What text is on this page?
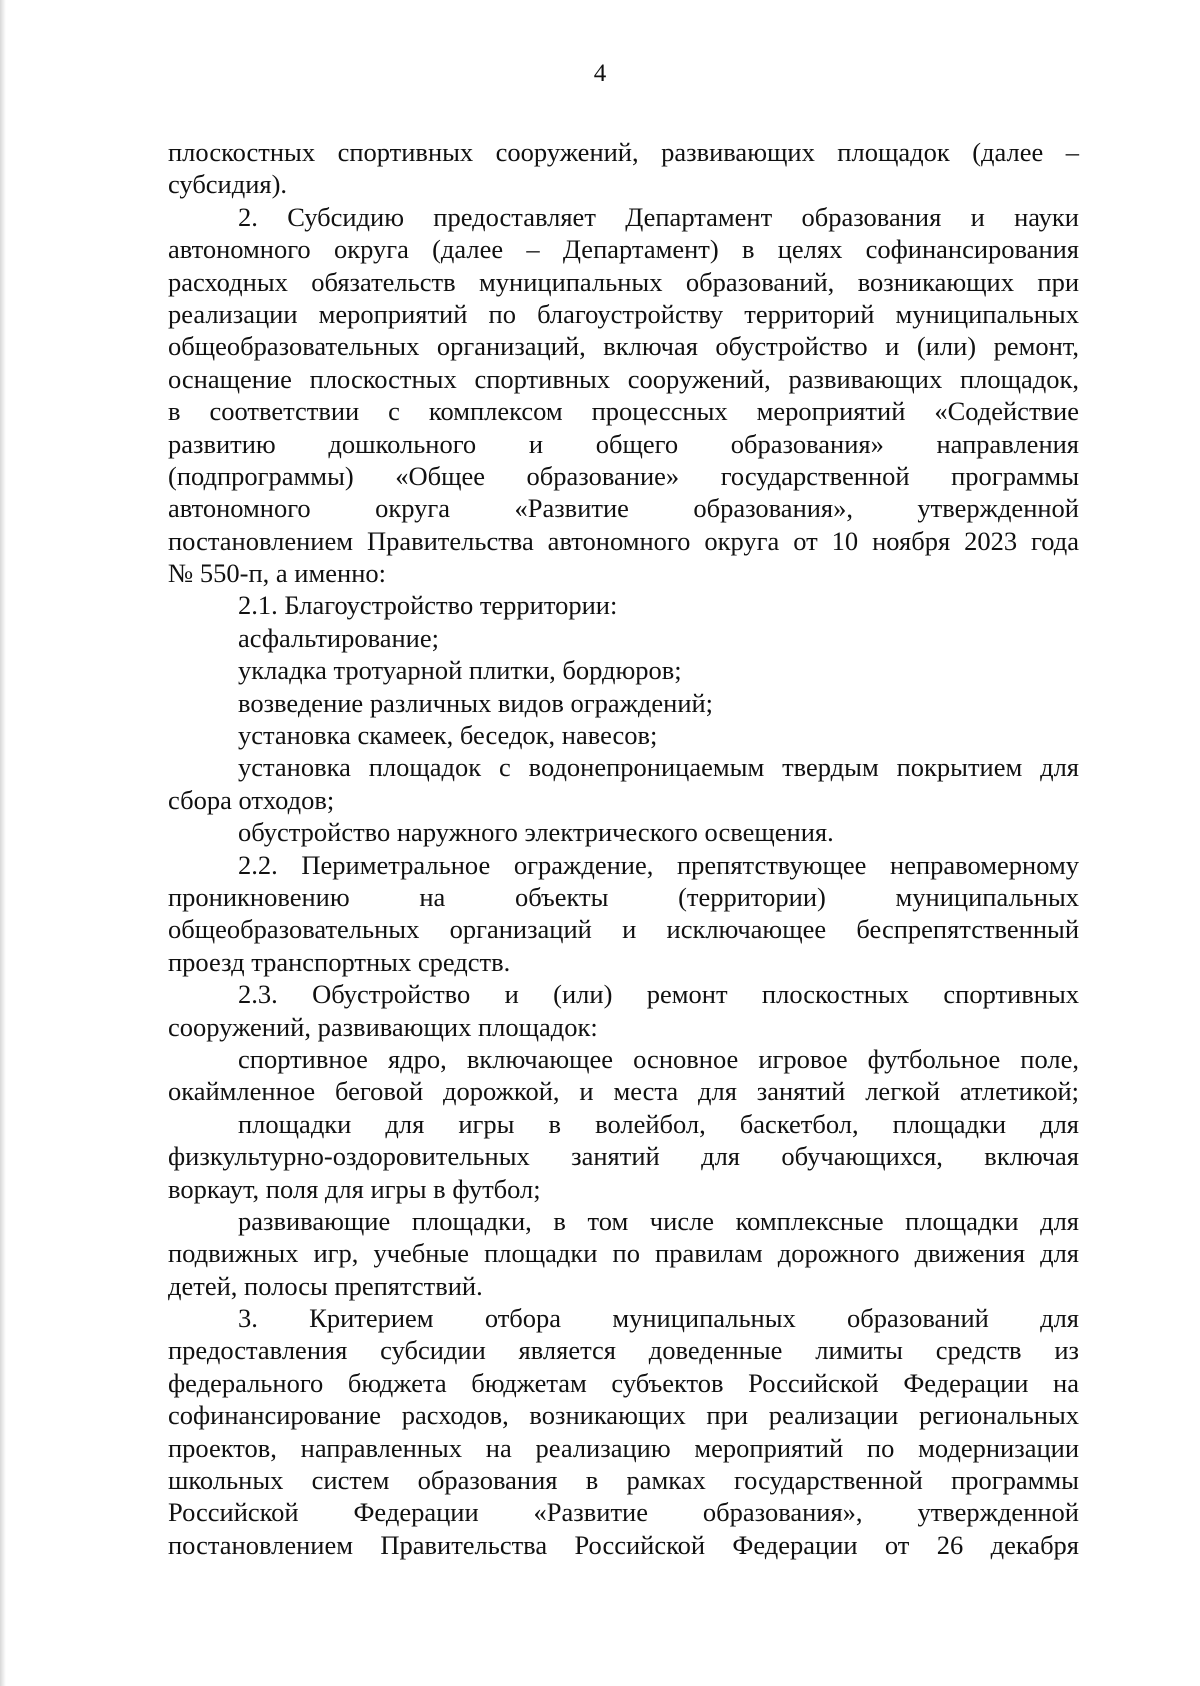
4
плоскостных спортивных сооружений, развивающих площадок (далее –
субсидия).
2. Субсидию предоставляет Департамент образования и науки
автономного округа (далее – Департамент) в целях софинансирования
расходных обязательств муниципальных образований, возникающих при
реализации мероприятий по благоустройству территорий муниципальных
общеобразовательных организаций, включая обустройство и (или) ремонт,
оснащение плоскостных спортивных сооружений, развивающих площадок,
в соответствии с комплексом процессных мероприятий «Содействие
развитию дошкольного и общего образования» направления
(подпрограммы) «Общее образование» государственной программы
автономного округа «Развитие образования», утвержденной
постановлением Правительства автономного округа от 10 ноября 2023 года
№ 550-п, а именно:
2.1. Благоустройство территории:
асфальтирование;
укладка тротуарной плитки, бордюров;
возведение различных видов ограждений;
установка скамеек, беседок, навесов;
установка площадок с водонепроницаемым твердым покрытием для
сбора отходов;
обустройство наружного электрического освещения.
2.2. Периметральное ограждение, препятствующее неправомерному
проникновению на объекты (территории) муниципальных
общеобразовательных организаций и исключающее беспрепятственный
проезд транспортных средств.
2.3. Обустройство и (или) ремонт плоскостных спортивных
сооружений, развивающих площадок:
спортивное ядро, включающее основное игровое футбольное поле,
окаймленное беговой дорожкой, и места для занятий легкой атлетикой;
площадки для игры в волейбол, баскетбол, площадки для
физкультурно-оздоровительных занятий для обучающихся, включая
воркаут, поля для игры в футбол;
развивающие площадки, в том числе комплексные площадки для
подвижных игр, учебные площадки по правилам дорожного движения для
детей, полосы препятствий.
3. Критерием отбора муниципальных образований для
предоставления субсидии является доведенные лимиты средств из
федерального бюджета бюджетам субъектов Российской Федерации на
софинансирование расходов, возникающих при реализации региональных
проектов, направленных на реализацию мероприятий по модернизации
школьных систем образования в рамках государственной программы
Российской Федерации «Развитие образования», утвержденной
постановлением Правительства Российской Федерации от 26 декабря
